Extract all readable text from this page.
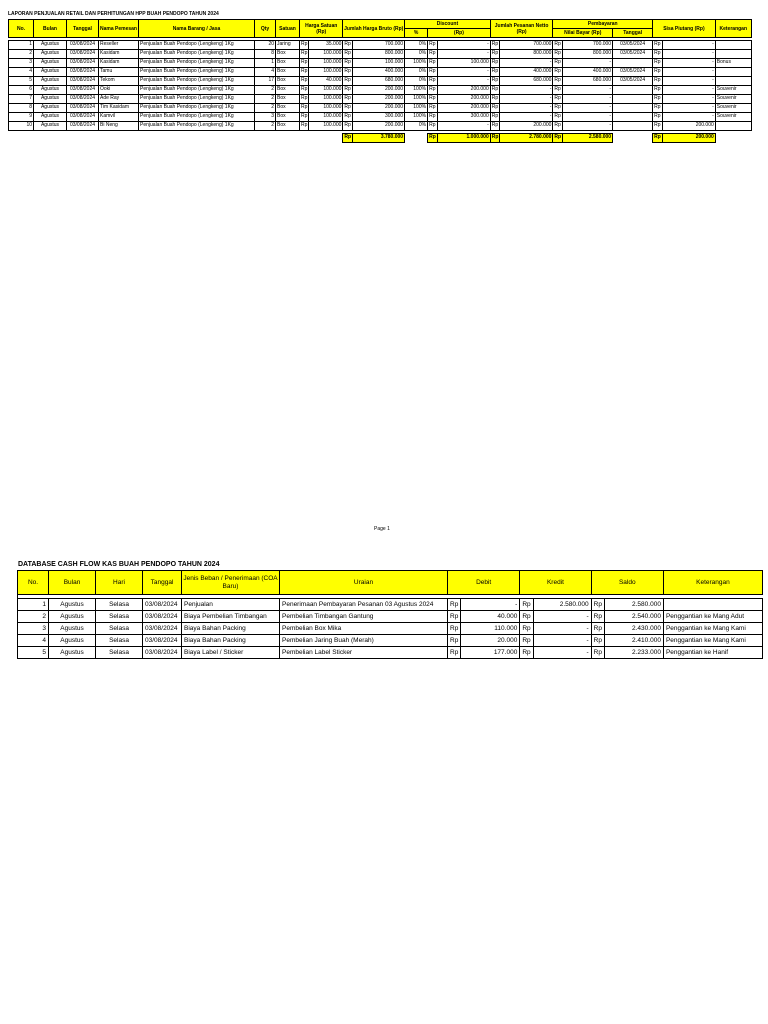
LAPORAN PENJUALAN RETAIL DAN PERHITUNGAN HPP BUAH PENDOPO TAHUN 2024
No.	Bulan	Tanggal	Nama Pemesan	Nama Barang / Jasa	Qty	Satuan	Harga Satuan (Rp)		Jumlah Harga Bruto (Rp)		Discount			Jumlah Pesanan Netto (Rp)		Pembayaran			Sisa Piutang (Rp)		Keterangan
											%	(Rp)				Nilai Bayar (Rp)		Tanggal			

1	Agustus	03/08/2024	Reseller	Penjualan Buah Pendopo (Lengkeng) 1Kg	20	Jaring	Rp	35.000	Rp	700.000	0%	Rp	-	Rp	700.000	Rp	700.000	03/05/2024	Rp	-	
2	Agustus	03/08/2024	Kasidam	Penjualan Buah Pendopo (Lengkeng) 1Kg	8	Box	Rp	100.000	Rp	800.000	0%	Rp	-	Rp	800.000	Rp	800.000	03/05/2024	Rp	-	
3	Agustus	03/08/2024	Kasidam	Penjualan Buah Pendopo (Lengkeng) 1Kg	1	Box	Rp	100.000	Rp	100.000	100%	Rp	100.000	Rp	-	Rp	-		Rp	-	Bonus
4	Agustus	03/08/2024	Tamu	Penjualan Buah Pendopo (Lengkeng) 1Kg	4	Box	Rp	100.000	Rp	400.000	0%	Rp	-	Rp	400.000	Rp	400.000	03/05/2024	Rp	-	
5	Agustus	03/08/2024	Tekom	Penjualan Buah Pendopo (Lengkeng) 1Kg	17	Box	Rp	40.000	Rp	680.000	0%	Rp	-	Rp	680.000	Rp	680.000	03/05/2024	Rp	-	
6	Agustus	03/08/2024	Ooki	Penjualan Buah Pendopo (Lengkeng) 1Kg	2	Box	Rp	100.000	Rp	200.000	100%	Rp	200.000	Rp	-	Rp	-		Rp	-	Souvenir
7	Agustus	03/08/2024	Ade Ray	Penjualan Buah Pendopo (Lengkeng) 1Kg	2	Box	Rp	100.000	Rp	200.000	100%	Rp	200.000	Rp	-	Rp	-		Rp	-	Souvenir
8	Agustus	03/08/2024	Tim Kasidam	Penjualan Buah Pendopo (Lengkeng) 1Kg	2	Box	Rp	100.000	Rp	200.000	100%	Rp	200.000	Rp	-	Rp	-		Rp	-	Souvenir
9	Agustus	03/08/2024	Kamvil	Penjualan Buah Pendopo (Lengkeng) 1Kg	3	Box	Rp	100.000	Rp	300.000	100%	Rp	300.000	Rp	-	Rp	-		Rp	-	Souvenir
10	Agustus	03/08/2024	Bi Neng	Penjualan Buah Pendopo (Lengkeng) 1Kg	2	Box	Rp	100.000	Rp	200.000	0%	Rp	-	Rp	200.000	Rp	-		Rp	200.000	

									Rp	3.780.000		Rp	1.000.000	Rp	2.780.000	Rp	2.580.000		Rp	200.000	
Page 1
DATABASE CASH FLOW KAS BUAH PENDOPO TAHUN 2024
No.	Bulan	Hari	Tanggal	Jenis Beban / Penerimaan (COA Baru)	Uraian	Debit		Kredit		Saldo		Keterangan

1	Agustus	Selasa	03/08/2024	Penjualan	Penerimaan Pembayaran Pesanan 03 Agustus 2024	Rp	-	Rp	2.580.000	Rp	2.580.000	
2	Agustus	Selasa	03/08/2024	Biaya Pembelian Timbangan	Pembelian Timbangan Gantung	Rp	40.000	Rp	-	Rp	2.540.000	Penggantian ke Mang Adut
3	Agustus	Selasa	03/08/2024	Biaya Bahan Packing	Pembelian Box Mika	Rp	110.000	Rp	-	Rp	2.430.000	Penggantian ke Mang Kami
4	Agustus	Selasa	03/08/2024	Biaya Bahan Packing	Pembelian Jaring Buah (Merah)	Rp	20.000	Rp	-	Rp	2.410.000	Penggantian ke Mang Kami
5	Agustus	Selasa	03/08/2024	Biaya Label / Sticker	Pembelian Label Sticker	Rp	177.000	Rp	-	Rp	2.233.000	Penggantian ke Hanif
